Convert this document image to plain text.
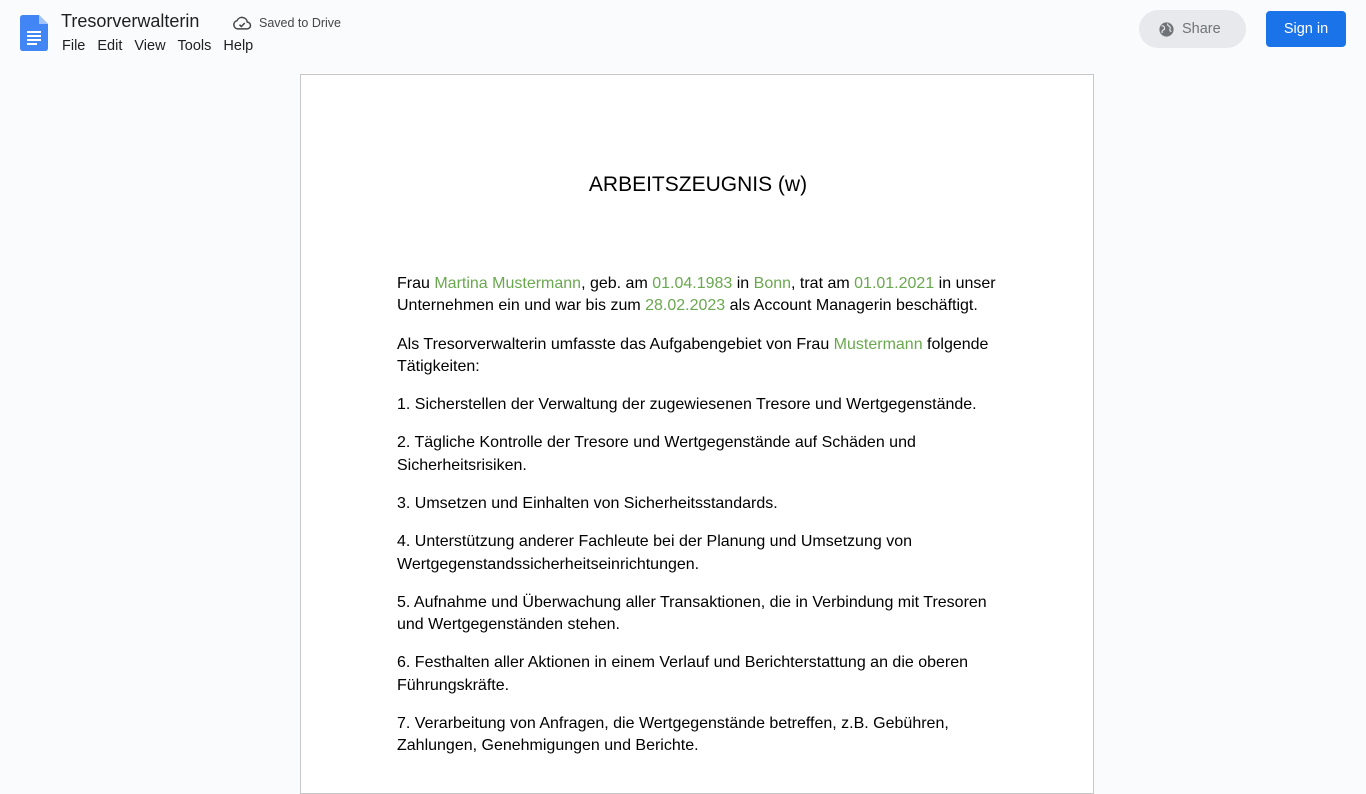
Tresorverwalterin	Saved to Drive
File Edit View Tools Help
Share	Sign in
ARBEITSZEUGNIS (w)

Frau Martina Mustermann, geb. am 01.04.1983 in Bonn, trat am 01.01.2021 in unser Unternehmen ein und war bis zum 28.02.2023 als Account Managerin beschäftigt.

Als Tresorverwalterin umfasste das Aufgabengebiet von Frau Mustermann folgende Tätigkeiten:

1. Sicherstellen der Verwaltung der zugewiesenen Tresore und Wertgegenstände.

2. Tägliche Kontrolle der Tresore und Wertgegenstände auf Schäden und Sicherheitsrisiken.

3. Umsetzen und Einhalten von Sicherheitsstandards.

4. Unterstützung anderer Fachleute bei der Planung und Umsetzung von Wertgegenstandssicherheitseinrichtungen.

5. Aufnahme und Überwachung aller Transaktionen, die in Verbindung mit Tresoren und Wertgegenständen stehen.

6. Festhalten aller Aktionen in einem Verlauf und Berichterstattung an die oberen Führungskräfte.

7. Verarbeitung von Anfragen, die Wertgegenstände betreffen, z.B. Gebühren, Zahlungen, Genehmigungen und Berichte.
